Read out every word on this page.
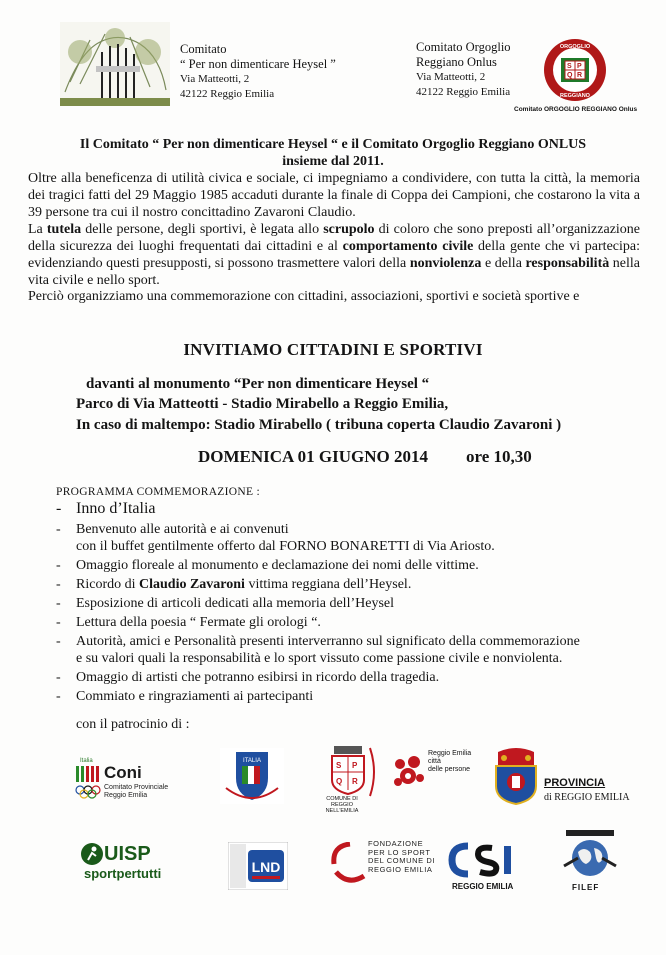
Comitato
“ Per non dimenticare Heysel ”
Via Matteotti, 2
42122 Reggio Emilia
Comitato Orgoglio
Reggiano Onlus
Via Matteotti, 2
42122 Reggio Emilia
S P
Q R
ORGOGLIO
REGGIANO
Comitato ORGOGLIO REGGIANO Onlus
Il Comitato “ Per non dimenticare Heysel “ e il Comitato Orgoglio Reggiano ONLUS
insieme dal 2011.
Oltre alla beneficenza di utilità civica e sociale, ci impegniamo a condividere, con tutta la città, la memoria dei tragici fatti del 29 Maggio 1985 accaduti durante la finale di Coppa dei Campioni, che costarono la vita a 39 persone tra cui il nostro concittadino Zavaroni Claudio.
La tutela delle persone, degli sportivi, è legata allo scrupolo di coloro che sono preposti all’organizzazione della sicurezza dei luoghi frequentati dai cittadini e al comportamento civile della gente che vi partecipa: evidenziando questi presupposti, si possono trasmettere valori della nonviolenza e della responsabilità nella vita civile e nello sport.
Perciò organizziamo una commemorazione con cittadini, associazioni, sportivi e società sportive e
INVITIAMO CITTADINI E SPORTIVI
davanti al monumento “Per non dimenticare Heysel “
Parco di Via Matteotti - Stadio Mirabello a Reggio Emilia,
In caso di maltempo: Stadio Mirabello ( tribuna coperta Claudio Zavaroni )
DOMENICA 01 GIUGNO 2014 ore 10,30
PROGRAMMA COMMEMORAZIONE :
- Inno d’Italia
- Benvenuto alle autorità e ai convenuti
con il buffet gentilmente offerto dal FORNO BONARETTI di Via Ariosto.
- Omaggio floreale al monumento e declamazione dei nomi delle vittime.
- Ricordo di Claudio Zavaroni vittima reggiana dell’Heysel.
- Esposizione di articoli dedicati alla memoria dell’Heysel
- Lettura della poesia “ Fermate gli orologi “.
- Autorità, amici e Personalità presenti interverranno sul significato della commemorazione
e su valori quali la responsabilità e lo sport vissuto come passione civile e nonviolenta.
- Omaggio di artisti che potranno esibirsi in ricordo della tragedia.
- Commiato e ringraziamenti ai partecipanti
con il patrocinio di :
Italia
Coni
Comitato Provinciale
Reggio Emilia
ITALIA	S P
Q R
COMUNE DI
REGGIO NELL'EMILIA
Reggio Emilia
città
delle persone
PROVINCIA
di REGGIO EMILIA
UISP
sportpertutti	LND
FONDAZIONE
PER LO SPORT
DEL COMUNE DI
REGGIO EMILIA
REGGIO EMILIA	FILEF
